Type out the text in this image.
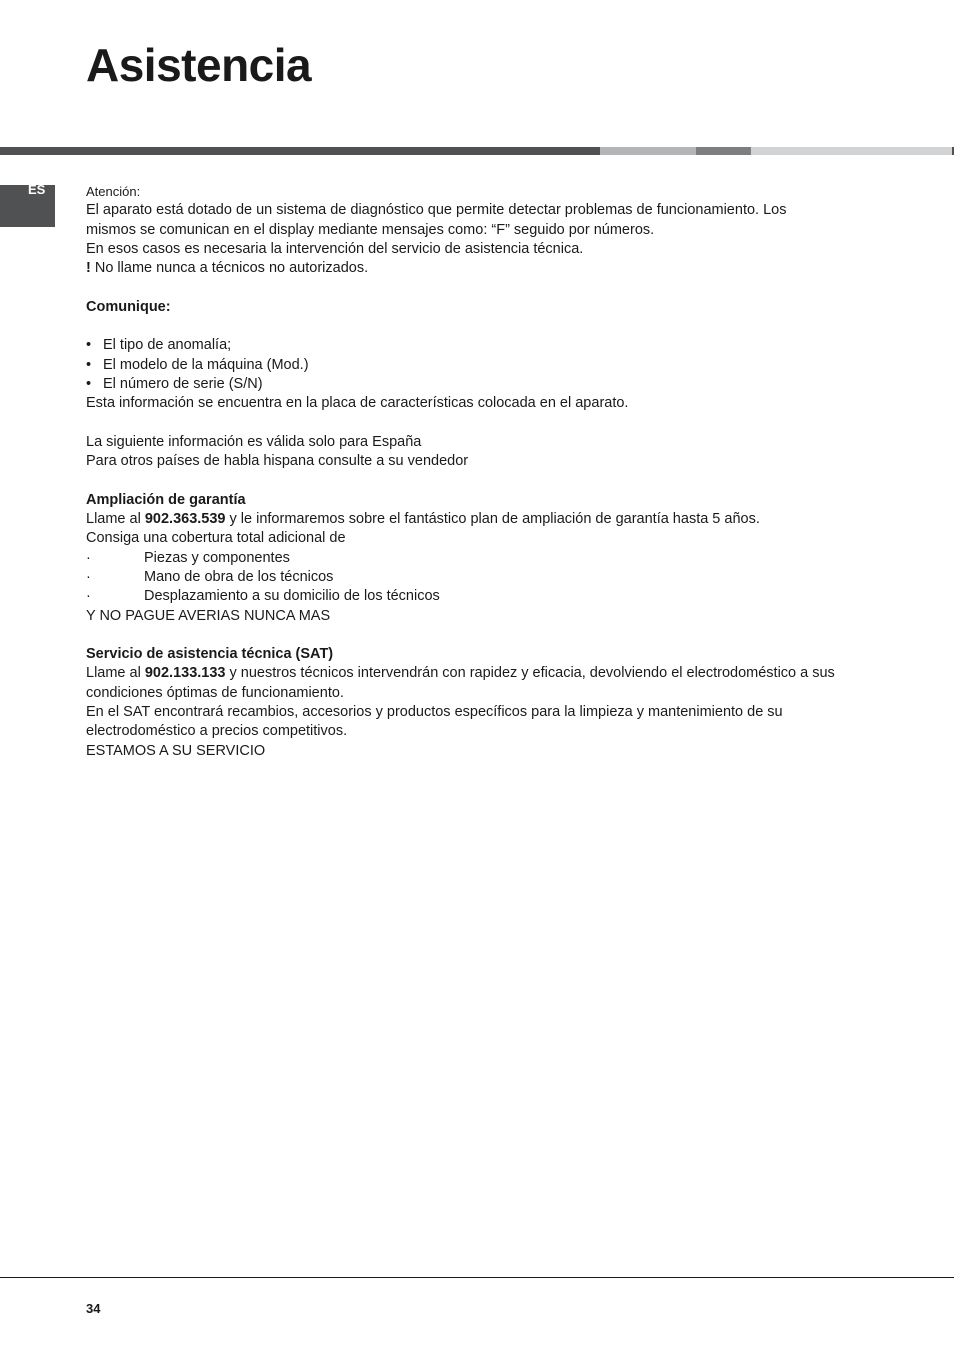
Asistencia
ES	Atención:

El aparato está dotado de un sistema de diagnóstico que permite detectar problemas de funcionamiento. Los

mismos se comunican en el display mediante mensajes como: “F” seguido por números.

En esos casos es necesaria la intervención del servicio de asistencia técnica.

! No llame nunca a técnicos no autorizados.

Comunique:

• El tipo de anomalía;
• El modelo de la máquina (Mod.)
• El número de serie (S/N)

Esta información se encuentra en la placa de características colocada en el aparato.

La siguiente información es válida solo para España

Para otros países de habla hispana consulte a su vendedor

Ampliación de garantía

Llame al 902.363.539 y le informaremos sobre el fantástico plan de ampliación de garantía hasta 5 años.

Consiga una cobertura total adicional de

·	Piezas y componentes
·	Mano de obra de los técnicos
·	Desplazamiento a su domicilio de los técnicos

Y NO PAGUE AVERIAS NUNCA MAS

Servicio de asistencia técnica (SAT)

Llame al 902.133.133 y nuestros técnicos intervendrán con rapidez y eficacia, devolviendo el electrodoméstico a sus

condiciones óptimas de funcionamiento.

En el SAT encontrará recambios, accesorios y productos específicos para la limpieza y mantenimiento de su

electrodoméstico a precios competitivos.

ESTAMOS A SU SERVICIO

34
